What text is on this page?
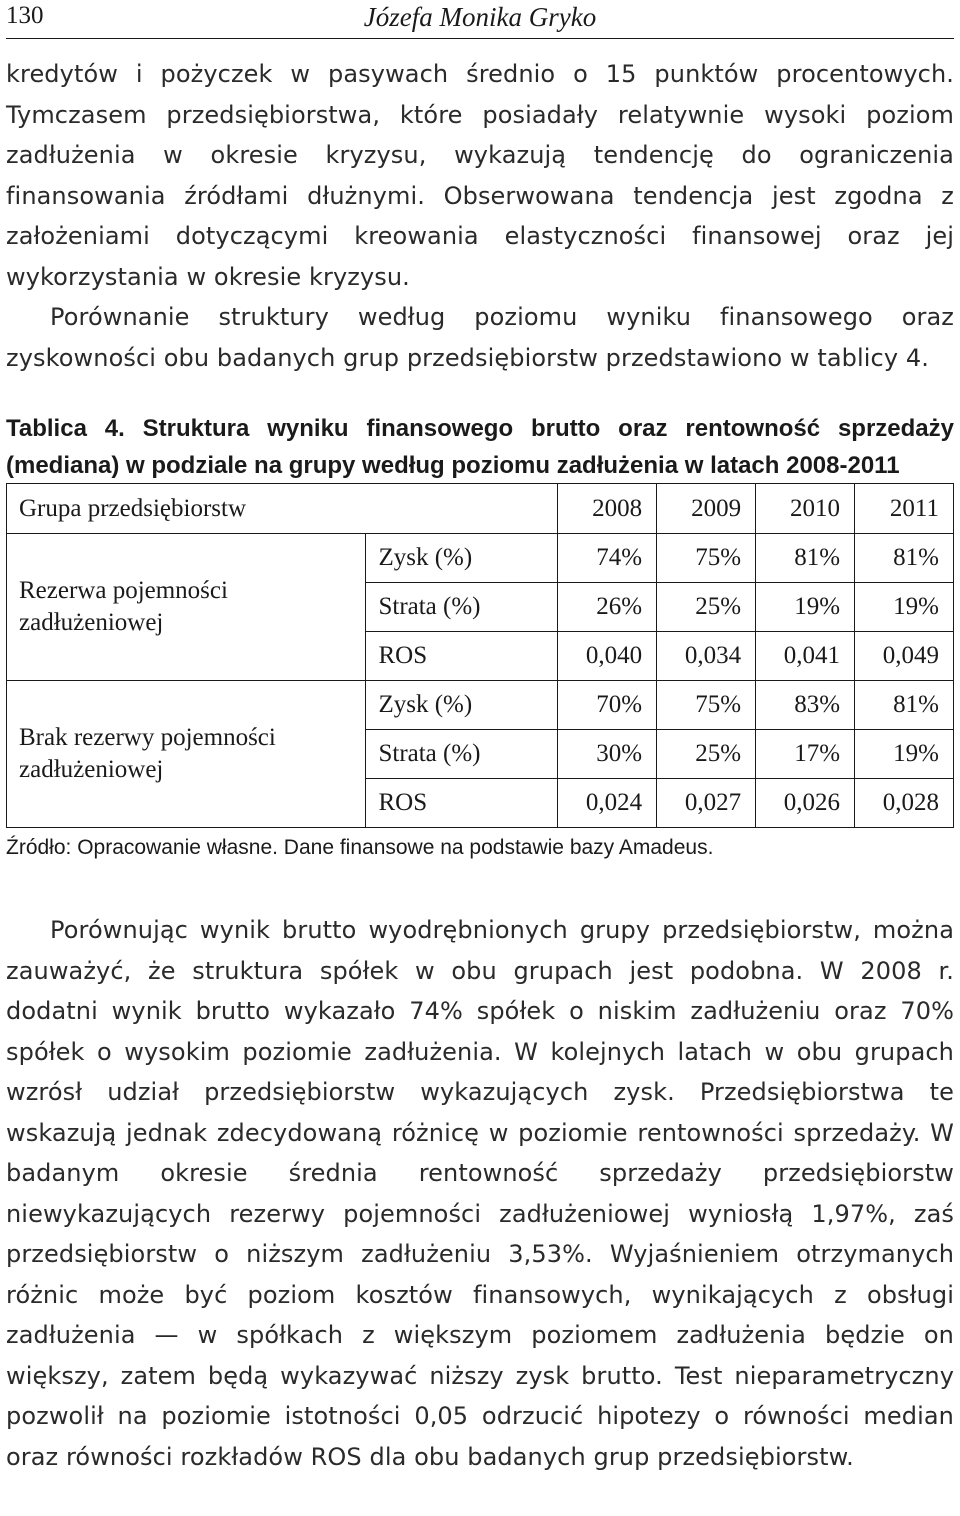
130	Józefa Monika Gryko

kredytów i pożyczek w pasywach średnio o 15 punktów procentowych. Tymczasem przedsiębiorstwa, które posiadały relatywnie wysoki poziom zadłużenia w okresie kryzysu, wykazują tendencję do ograniczenia finansowania źródłami dłużnymi. Obserwowana tendencja jest zgodna z założeniami dotyczącymi kreowania elastyczności finansowej oraz jej wykorzystania w okresie kryzysu.

Porównanie struktury według poziomu wyniku finansowego oraz zyskowności obu badanych grup przedsiębiorstw przedstawiono w tablicy 4.

Tablica 4. Struktura wyniku finansowego brutto oraz rentowność sprzedaży (mediana) w podziale na grupy według poziomu zadłużenia w latach 2008-2011
Grupa przedsiębiorstw		2008	2009	2010	2011
Rezerwa pojemności
zadłużeniowej	Zysk (%)	74%	75%	81%	81%
	Strata (%)	26%	25%	19%	19%
	ROS	0,040	0,034	0,041	0,049
Brak rezerwy pojemności
zadłużeniowej	Zysk (%)	70%	75%	83%	81%
	Strata (%)	30%	25%	17%	19%
	ROS	0,024	0,027	0,026	0,028
Źródło: Opracowanie własne. Dane finansowe na podstawie bazy Amadeus.

Porównując wynik brutto wyodrębnionych grupy przedsiębiorstw, można zauważyć, że struktura spółek w obu grupach jest podobna. W 2008 r. dodatni wynik brutto wykazało 74% spółek o niskim zadłużeniu oraz 70% spółek o wysokim poziomie zadłużenia. W kolejnych latach w obu grupach wzrósł udział przedsiębiorstw wykazujących zysk. Przedsiębiorstwa te wskazują jednak zdecydowaną różnicę w poziomie rentowności sprzedaży. W badanym okresie średnia rentowność sprzedaży przedsiębiorstw niewykazujących rezerwy pojemności zadłużeniowej wyniosłą 1,97%, zaś przedsiębiorstw o niższym zadłużeniu 3,53%. Wyjaśnieniem otrzymanych różnic może być poziom kosztów finansowych, wynikających z obsługi zadłużenia — w spółkach z większym poziomem zadłużenia będzie on większy, zatem będą wykazywać niższy zysk brutto. Test nieparametryczny pozwolił na poziomie istotności 0,05 odrzucić hipotezy o równości median oraz równości rozkładów ROS dla obu badanych grup przedsiębiorstw.
